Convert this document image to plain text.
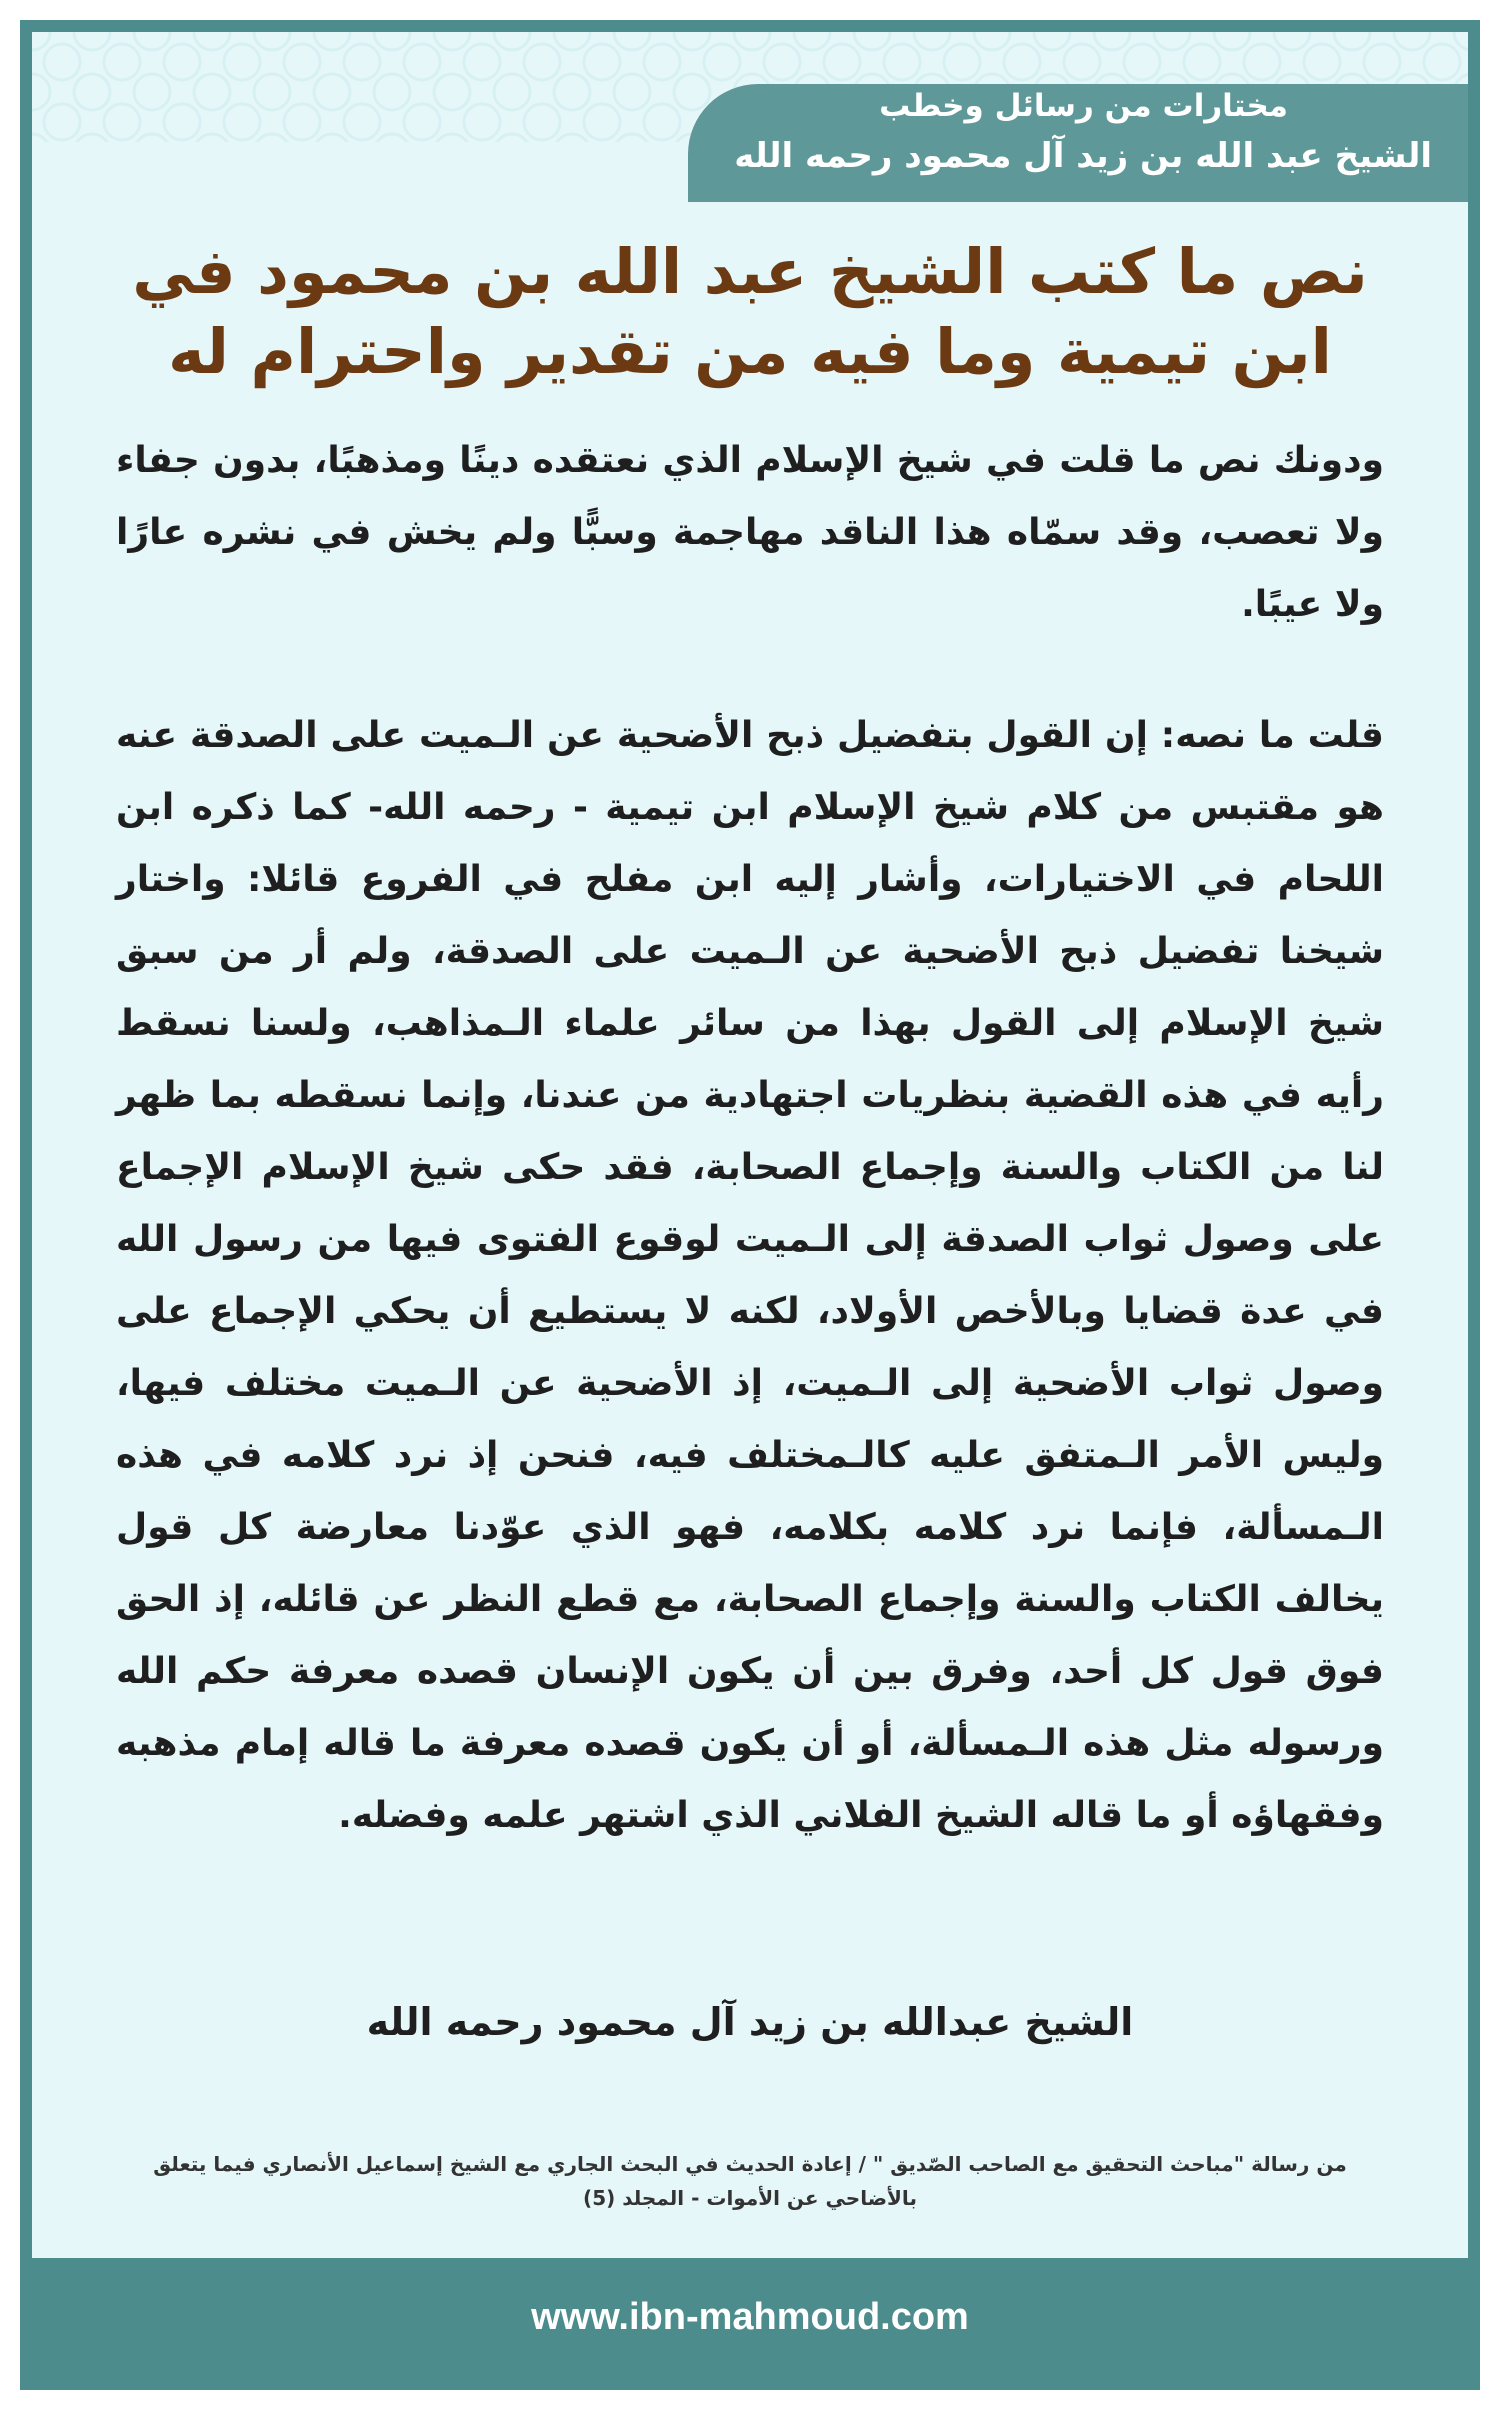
مختارات من رسائل وخطب
الشيخ عبد الله بن زيد آل محمود رحمه الله
نص ما كتب الشيخ عبد الله بن محمود في ابن تيمية وما فيه من تقدير واحترام له
ودونك نص ما قلت في شيخ الإسلام الذي نعتقده دينًا ومذهبًا، بدون جفاء ولا تعصب، وقد سمّاه هذا الناقد مهاجمة وسبًّا ولم يخش في نشره عارًا ولا عيبًا.
قلت ما نصه: إن القول بتفضيل ذبح الأضحية عن الـميت على الصدقة عنه هو مقتبس من كلام شيخ الإسلام ابن تيمية - رحمه الله- كما ذكره ابن اللحام في الاختيارات، وأشار إليه ابن مفلح في الفروع قائلا: واختار شيخنا تفضيل ذبح الأضحية عن الـميت على الصدقة، ولم أر من سبق شيخ الإسلام إلى القول بهذا من سائر علماء الـمذاهب، ولسنا نسقط رأيه في هذه القضية بنظريات اجتهادية من عندنا، وإنما نسقطه بما ظهر لنا من الكتاب والسنة وإجماع الصحابة، فقد حكى شيخ الإسلام الإجماع على وصول ثواب الصدقة إلى الـميت لوقوع الفتوى فيها من رسول الله في عدة قضايا وبالأخص الأولاد، لكنه لا يستطيع أن يحكي الإجماع على وصول ثواب الأضحية إلى الـميت، إذ الأضحية عن الـميت مختلف فيها، وليس الأمر الـمتفق عليه كالـمختلف فيه، فنحن إذ نرد كلامه في هذه الـمسألة، فإنما نرد كلامه بكلامه، فهو الذي عوّدنا معارضة كل قول يخالف الكتاب والسنة وإجماع الصحابة، مع قطع النظر عن قائله، إذ الحق فوق قول كل أحد، وفرق بين أن يكون الإنسان قصده معرفة حكم الله ورسوله مثل هذه الـمسألة، أو أن يكون قصده معرفة ما قاله إمام مذهبه وفقهاؤه أو ما قاله الشيخ الفلاني الذي اشتهر علمه وفضله.
الشيخ عبدالله بن زيد آل محمود رحمه الله
من رسالة "مباحث التحقيق مع الصاحب الصّديق " / إعادة الحديث في البحث الجاري مع الشيخ إسماعيل الأنصاري فيما يتعلق بالأضاحي عن الأموات - المجلد (5)
www.ibn-mahmoud.com
